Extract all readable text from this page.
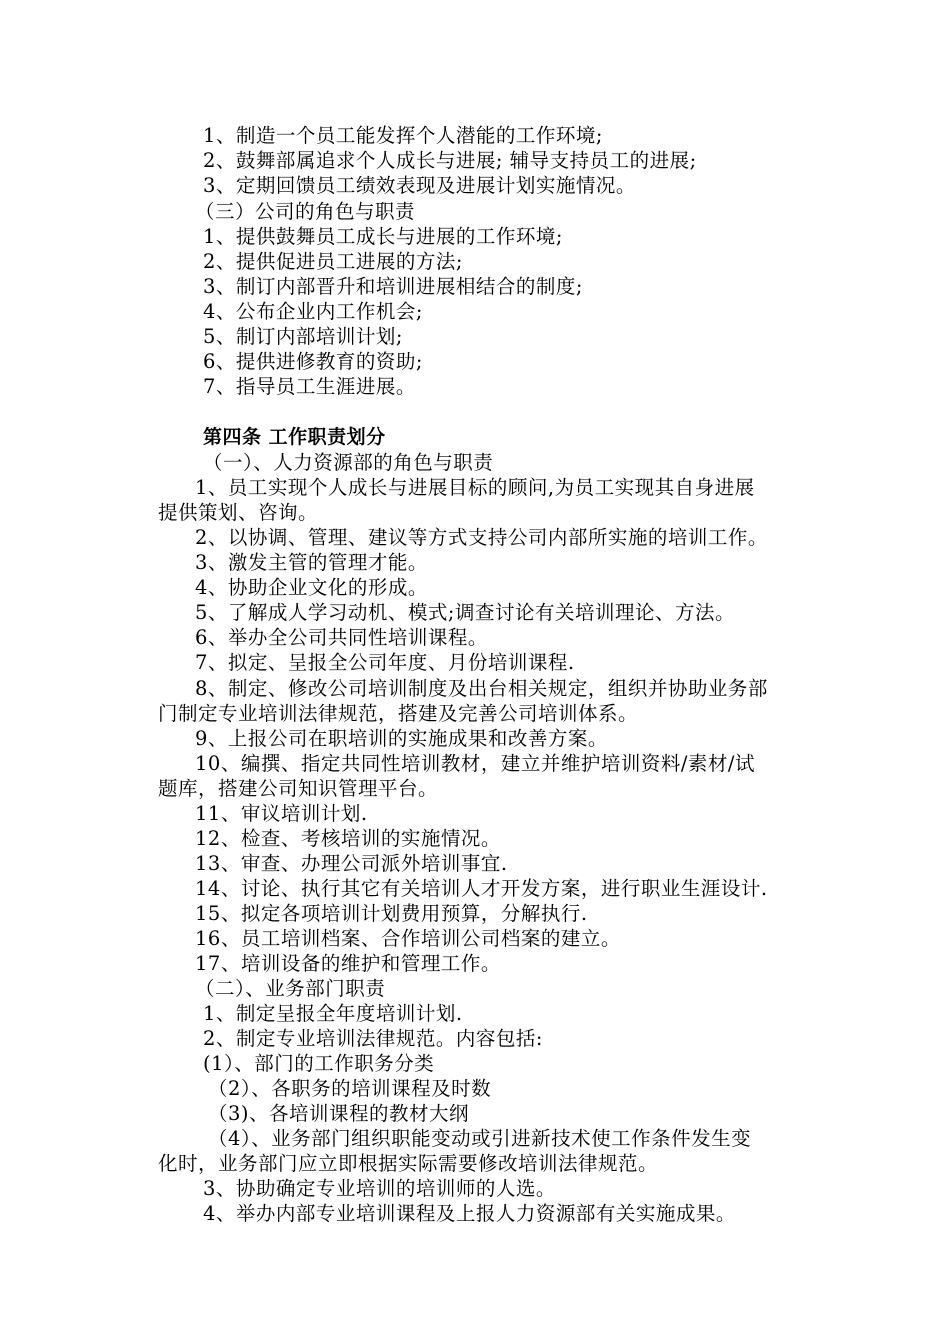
1、制造一个员工能发挥个人潜能的工作环境;
2、鼓舞部属追求个人成长与进展; 辅导支持员工的进展;
3、定期回馈员工绩效表现及进展计划实施情况。
（三）公司的角色与职责
1、提供鼓舞员工成长与进展的工作环境;
2、提供促进员工进展的方法;
3、制订内部晋升和培训进展相结合的制度;
4、公布企业内工作机会;
5、制订内部培训计划;
6、提供进修教育的资助;
7、指导员工生涯进展。
第四条 工作职责划分
（一）、人力资源部的角色与职责
1、员工实现个人成长与进展目标的顾问,为员工实现其自身进展
提供策划、咨询。
2、以协调、管理、建议等方式支持公司内部所实施的培训工作。
3、激发主管的管理才能。
4、协助企业文化的形成。
5、了解成人学习动机、模式;调查讨论有关培训理论、方法。
6、举办全公司共同性培训课程。
7、拟定、呈报全公司年度、月份培训课程.
8、制定、修改公司培训制度及出台相关规定，组织并协助业务部
门制定专业培训法律规范，搭建及完善公司培训体系。
9、上报公司在职培训的实施成果和改善方案。
10、编撰、指定共同性培训教材，建立并维护培训资料/素材/试
题库，搭建公司知识管理平台。
11、审议培训计划.
12、检查、考核培训的实施情况。
13、审查、办理公司派外培训事宜.
14、讨论、执行其它有关培训人才开发方案，进行职业生涯设计.
15、拟定各项培训计划费用预算，分解执行.
16、员工培训档案、合作培训公司档案的建立。
17、培训设备的维护和管理工作。
（二）、业务部门职责
1、制定呈报全年度培训计划.
2、制定专业培训法律规范。内容包括:
(1）、部门的工作职务分类
（2）、各职务的培训课程及时数
（3)、各培训课程的教材大纲
（4）、业务部门组织职能变动或引进新技术使工作条件发生变
化时，业务部门应立即根据实际需要修改培训法律规范。
3、协助确定专业培训的培训师的人选。
4、举办内部专业培训课程及上报人力资源部有关实施成果。
